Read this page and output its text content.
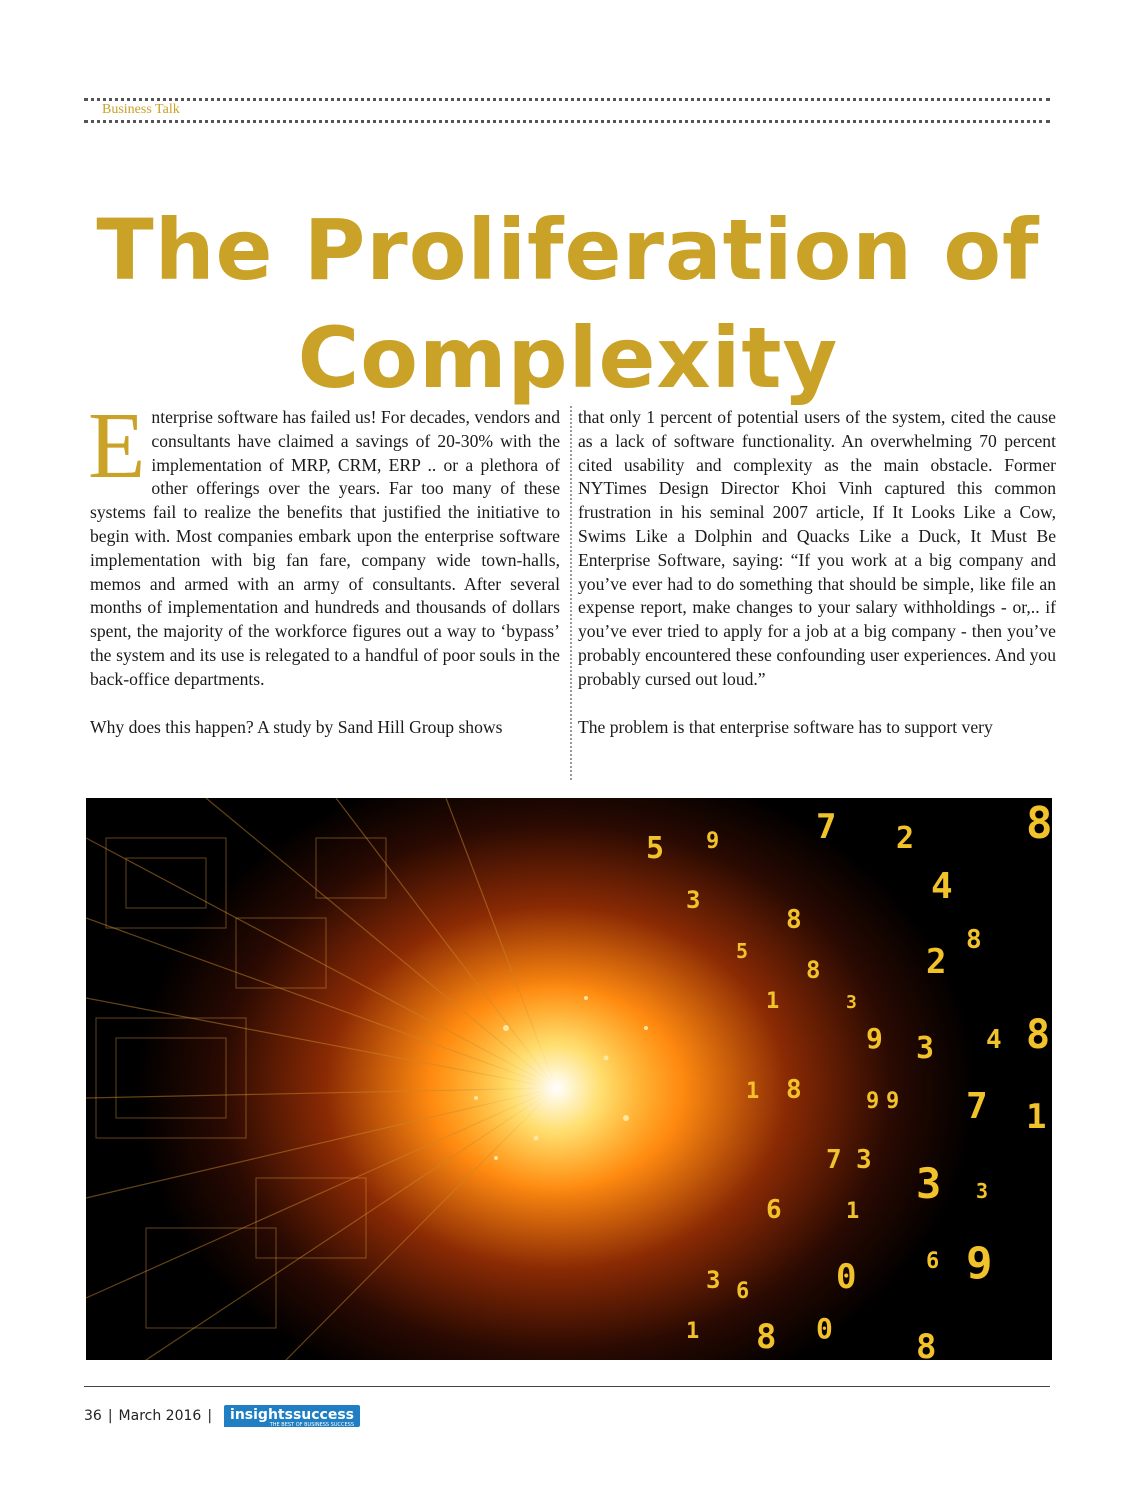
Business Talk
The Proliferation of
Complexity

Enterprise software has failed us! For decades, vendors and consultants have claimed a savings of 20-30% with the implementation of MRP, CRM, ERP .. or a plethora of other offerings over the years. Far too many of these systems fail to realize the benefits that justified the initiative to begin with. Most companies embark upon the enterprise software implementation with big fan fare, company wide town-halls, memos and armed with an army of consultants. After several months of implementation and hundreds and thousands of dollars spent, the majority of the workforce figures out a way to ‘bypass’ the system and its use is relegated to a handful of poor souls in the back-office departments.

Why does this happen? A study by Sand Hill Group shows

that only 1 percent of potential users of the system, cited the cause as a lack of software functionality. An overwhelming 70 percent cited usability and complexity as the main obstacle. Former NYTimes Design Director Khoi Vinh captured this common frustration in his seminal 2007 article, If It Looks Like a Cow, Swims Like a Dolphin and Quacks Like a Duck, It Must Be Enterprise Software, saying: “If you work at a big company and you’ve ever had to do something that should be simple, like file an expense report, make changes to your salary withholdings - or,.. if you’ve ever tried to apply for a job at a big company - then you’ve probably encountered these confounding user experiences. And you probably cursed out loud.”

The problem is that enterprise software has to support very

5 9	7 2	8
3
8
4
8
5
8	2
1	3
9 3 4 8
1 8	9 9 7 1
7 3 3 3
6	1
6 9
0
3 6
8 0 8
1
36 | March 2016 |	insightssuccess
THE BEST OF BUSINESS SUCCESS
